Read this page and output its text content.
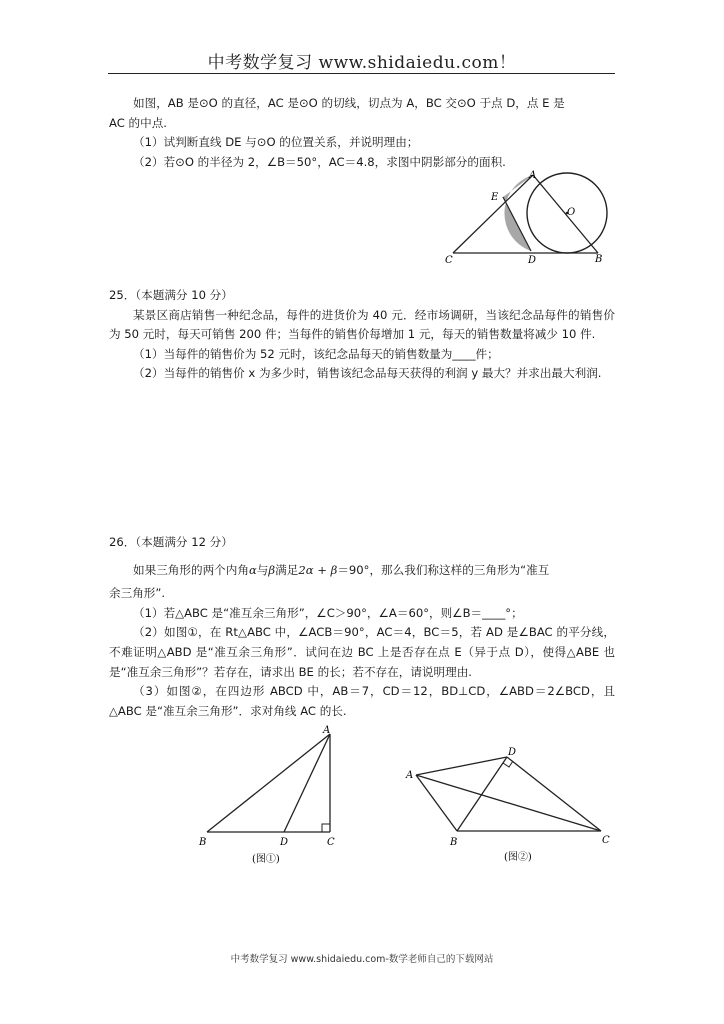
中考数学复习 www.shidaiedu.com！

如图，AB 是⊙O 的直径，AC 是⊙O 的切线，切点为 A，BC 交⊙O 于点 D，点 E 是

AC 的中点.

（1）试判断直线 DE 与⊙O 的位置关系，并说明理由；

（2）若⊙O 的半径为 2，∠B＝50°，AC＝4.8，求图中阴影部分的面积.

A
E
O
C	D	B

25．（本题满分 10 分）

某景区商店销售一种纪念品，每件的进货价为 40 元．经市场调研，当该纪念品每件的销售价为 50 元时，每天可销售 200 件；当每件的销售价每增加 1 元，每天的销售数量将减少 10 件.

（1）当每件的销售价为 52 元时，该纪念品每天的销售数量为____件；

（2）当每件的销售价 x 为多少时，销售该纪念品每天获得的利润 y 最大？并求出最大利润.

26．（本题满分 12 分）

如果三角形的两个内角α与β满足2α + β＝90°，那么我们称这样的三角形为“准互

余三角形”.

（1）若△ABC 是“准互余三角形”，∠C＞90°，∠A＝60°，则∠B＝____°；

（2）如图①，在 Rt△ABC 中，∠ACB＝90°，AC＝4，BC＝5，若 AD 是∠BAC 的平分线，不难证明△ABD 是“准互余三角形”．试问在边 BC 上是否存在点 E（异于点 D），使得△ABE 也是“准互余三角形”？若存在，请求出 BE 的长；若不存在，请说明理由.

（3）如图②，在四边形 ABCD 中，AB＝7，CD＝12，BD⊥CD，∠ABD＝2∠BCD，且△ABC 是“准互余三角形”．求对角线 AC 的长.

A
B	D	C
(图①)
A
D
B	C
(图②)
中考数学复习 www.shidaiedu.com-数学老师自己的下载网站
